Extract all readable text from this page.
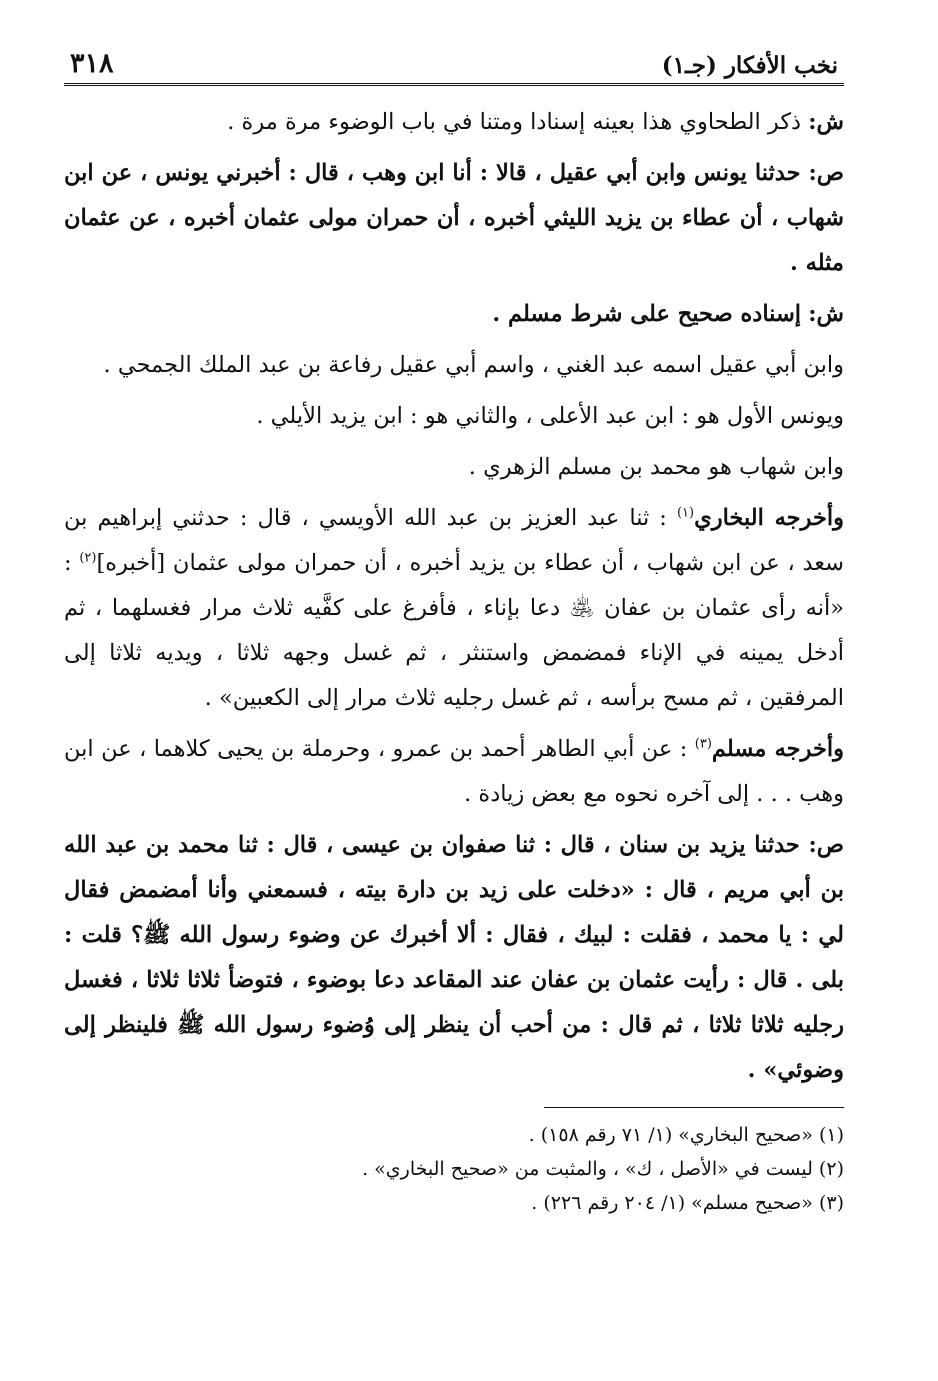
نخب الأفكار (جـ١)
٣١٨

ش: ذكر الطحاوي هذا بعينه إسنادا ومتنا في باب الوضوء مرة مرة .

ص: حدثنا يونس وابن أبي عقيل ، قالا : أنا ابن وهب ، قال : أخبرني يونس ، عن ابن شهاب ، أن عطاء بن يزيد الليثي أخبره ، أن حمران مولى عثمان أخبره ، عن عثمان مثله .

ش: إسناده صحيح على شرط مسلم .

وابن أبي عقيل اسمه عبد الغني ، واسم أبي عقيل رفاعة بن عبد الملك الجمحي .

ويونس الأول هو : ابن عبد الأعلى ، والثاني هو : ابن يزيد الأيلي .

وابن شهاب هو محمد بن مسلم الزهري .

وأخرجه البخاري$^{(١)}$ : ثنا عبد العزيز بن عبد الله الأويسي ، قال : حدثني إبراهيم بن سعد ، عن ابن شهاب ، أن عطاء بن يزيد أخبره ، أن حمران مولى عثمان [أخبره]$^{(٢)}$ : «أنه رأى عثمان بن عفان ﵁ دعا بإناء ، فأفرغ على كفَّيه ثلاث مرار فغسلهما ، ثم أدخل يمينه في الإناء فمضمض واستنثر ، ثم غسل وجهه ثلاثا ، ويديه ثلاثا إلى المرفقين ، ثم مسح برأسه ، ثم غسل رجليه ثلاث مرار إلى الكعبين» .

وأخرجه مسلم$^{(٣)}$ : عن أبي الطاهر أحمد بن عمرو ، وحرملة بن يحيى كلاهما ، عن ابن وهب . . . إلى آخره نحوه مع بعض زيادة .

ص: حدثنا يزيد بن سنان ، قال : ثنا صفوان بن عيسى ، قال : ثنا محمد بن عبد الله بن أبي مريم ، قال : «دخلت على زيد بن دارة بيته ، فسمعني وأنا أمضمض فقال لي : يا محمد ، فقلت : لبيك ، فقال : ألا أخبرك عن وضوء رسول الله ﷺ؟ قلت : بلى . قال : رأيت عثمان بن عفان عند المقاعد دعا بوضوء ، فتوضأ ثلاثا ثلاثا ، فغسل رجليه ثلاثا ثلاثا ، ثم قال : من أحب أن ينظر إلى وُضوء رسول الله ﷺ فلينظر إلى وضوئي» .

(١) «صحيح البخاري» (١/ ٧١ رقم ١٥٨) .

(٢) ليست في «الأصل ، ك» ، والمثبت من «صحيح البخاري» .

(٣) «صحيح مسلم» (١/ ٢٠٤ رقم ٢٢٦) .
